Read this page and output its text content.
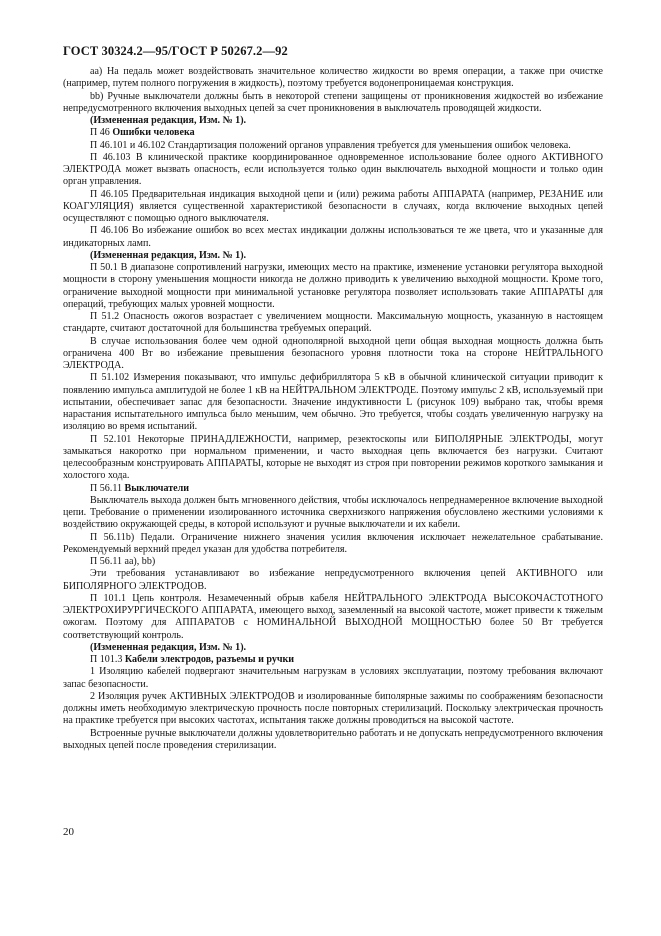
ГОСТ 30324.2—95/ГОСТ Р 50267.2—92

аа) На педаль может воздействовать значительное количество жидкости во время операции, а также при очистке (например, путем полного погружения в жидкость), поэтому требуется водонепроницаемая конструкция.

bb) Ручные выключатели должны быть в некоторой степени защищены от проникновения жидкостей во избежание непредусмотренного включения выходных цепей за счет проникновения в выключатель проводящей жидкости.

(Измененная редакция, Изм. № 1).

П 46 Ошибки человека

П 46.101 и 46.102 Стандартизация положений органов управления требуется для уменьшения ошибок человека.

П 46.103 В клинической практике координированное одновременное использование более одного АКТИВНОГО ЭЛЕКТРОДА может вызвать опасность, если используется только один выключатель выходной мощности и только один орган управления.

П 46.105 Предварительная индикация выходной цепи и (или) режима работы АППАРАТА (например, РЕЗАНИЕ или КОАГУЛЯЦИЯ) является существенной характеристикой безопасности в случаях, когда включение выходных цепей осуществляют с помощью одного выключателя.

П 46.106 Во избежание ошибок во всех местах индикации должны использоваться те же цвета, что и указанные для индикаторных ламп.

(Измененная редакция, Изм. № 1).

П 50.1 В диапазоне сопротивлений нагрузки, имеющих место на практике, изменение установки регулятора выходной мощности в сторону уменьшения мощности никогда не должно приводить к увеличению выходной мощности. Кроме того, ограничение выходной мощности при минимальной установке регулятора позволяет использовать такие АППАРАТЫ для операций, требующих малых уровней мощности.

П 51.2 Опасность ожогов возрастает с увеличением мощности. Максимальную мощность, указанную в настоящем стандарте, считают достаточной для большинства требуемых операций.

В случае использования более чем одной однополярной выходной цепи общая выходная мощность должна быть ограничена 400 Вт во избежание превышения безопасного уровня плотности тока на стороне НЕЙТРАЛЬНОГО ЭЛЕКТРОДА.

П 51.102 Измерения показывают, что импульс дефибриллятора 5 кВ в обычной клинической ситуации приводит к появлению импульса амплитудой не более 1 кВ на НЕЙТРАЛЬНОМ ЭЛЕКТРОДЕ. Поэтому импульс 2 кВ, используемый при испытании, обеспечивает запас для безопасности. Значение индуктивности L (рисунок 109) выбрано так, чтобы время нарастания испытательного импульса было меньшим, чем обычно. Это требуется, чтобы создать увеличенную нагрузку на изоляцию во время испытаний.

П 52.101 Некоторые ПРИНАДЛЕЖНОСТИ, например, резектоскопы или БИПОЛЯРНЫЕ ЭЛЕКТРОДЫ, могут замыкаться накоротко при нормальном применении, и часто выходная цепь включается без нагрузки. Считают целесообразным конструировать АППАРАТЫ, которые не выходят из строя при повторении режимов короткого замыкания и холостого хода.

П 56.11 Выключатели

Выключатель выхода должен быть мгновенного действия, чтобы исключалось непреднамеренное включение выходной цепи. Требование о применении изолированного источника сверхнизкого напряжения обусловлено жесткими условиями к воздействию окружающей среды, в которой используют и ручные выключатели и их кабели.

П 56.11b) Педали. Ограничение нижнего значения усилия включения исключает нежелательное срабатывание. Рекомендуемый верхний предел указан для удобства потребителя.

П 56.11 аа), bb)

Эти требования устанавливают во избежание непредусмотренного включения цепей АКТИВНОГО или БИПОЛЯРНОГО ЭЛЕКТРОДОВ.

П 101.1 Цепь контроля. Незамеченный обрыв кабеля НЕЙТРАЛЬНОГО ЭЛЕКТРОДА ВЫСОКОЧАСТОТНОГО ЭЛЕКТРОХИРУРГИЧЕСКОГО АППАРАТА, имеющего выход, заземленный на высокой частоте, может привести к тяжелым ожогам. Поэтому для АППАРАТОВ с НОМИНАЛЬНОЙ ВЫХОДНОЙ МОЩНОСТЬЮ более 50 Вт требуется соответствующий контроль.

(Измененная редакция, Изм. № 1).

П 101.3 Кабели электродов, разъемы и ручки

1 Изоляцию кабелей подвергают значительным нагрузкам в условиях эксплуатации, поэтому требования включают запас безопасности.

2 Изоляция ручек АКТИВНЫХ ЭЛЕКТРОДОВ и изолированные биполярные зажимы по соображениям безопасности должны иметь необходимую электрическую прочность после повторных стерилизаций. Поскольку электрическая прочность на практике требуется при высоких частотах, испытания также должны проводиться на высокой частоте.

Встроенные ручные выключатели должны удовлетворительно работать и не допускать непредусмотренного включения выходных цепей после проведения стерилизации.

20
